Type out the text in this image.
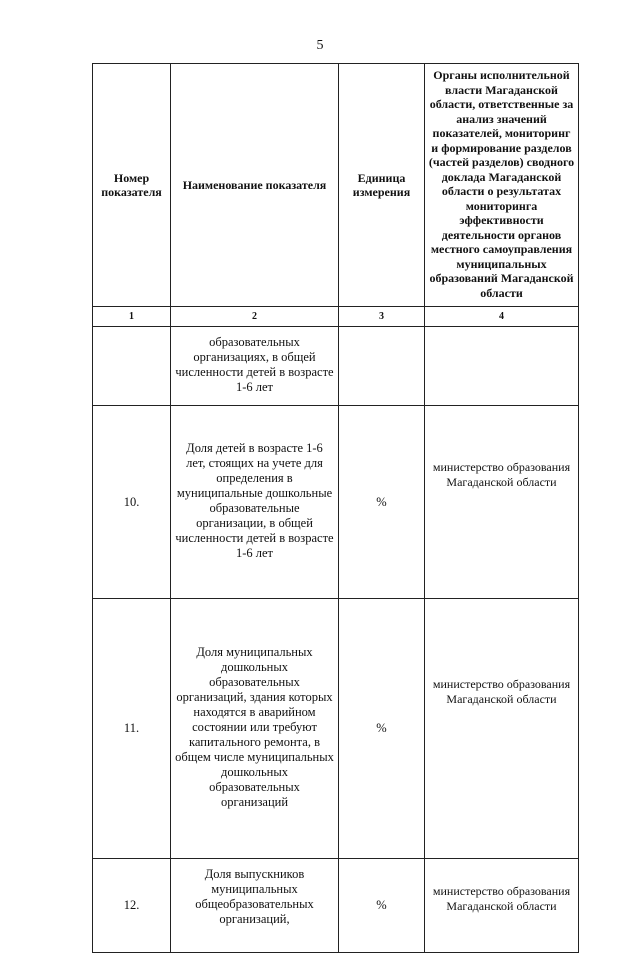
5
Номер показателя	Наименование показателя	Единица измерения	Органы исполнительной власти Магаданской области, ответственные за анализ значений показателей, мониторинг и формирование разделов (частей разделов) сводного доклада Магаданской области о результатах мониторинга эффективности деятельности органов местного самоуправления муниципальных образований Магаданской области
1	2	3	4
	образовательных организациях, в общей численности детей в возрасте 1-6 лет		
10.	Доля детей в возрасте 1-6 лет, стоящих на учете для определения в муниципальные дошкольные образовательные организации, в общей численности детей в возрасте 1-6 лет	%	министерство образования Магаданской области
11.	Доля муниципальных дошкольных образовательных организаций, здания которых находятся в аварийном состоянии или требуют капитального ремонта, в общем числе муниципальных дошкольных образовательных организаций	%	министерство образования Магаданской области
12.	Доля выпускников муниципальных общеобразовательных организаций,	%	министерство образования Магаданской области
